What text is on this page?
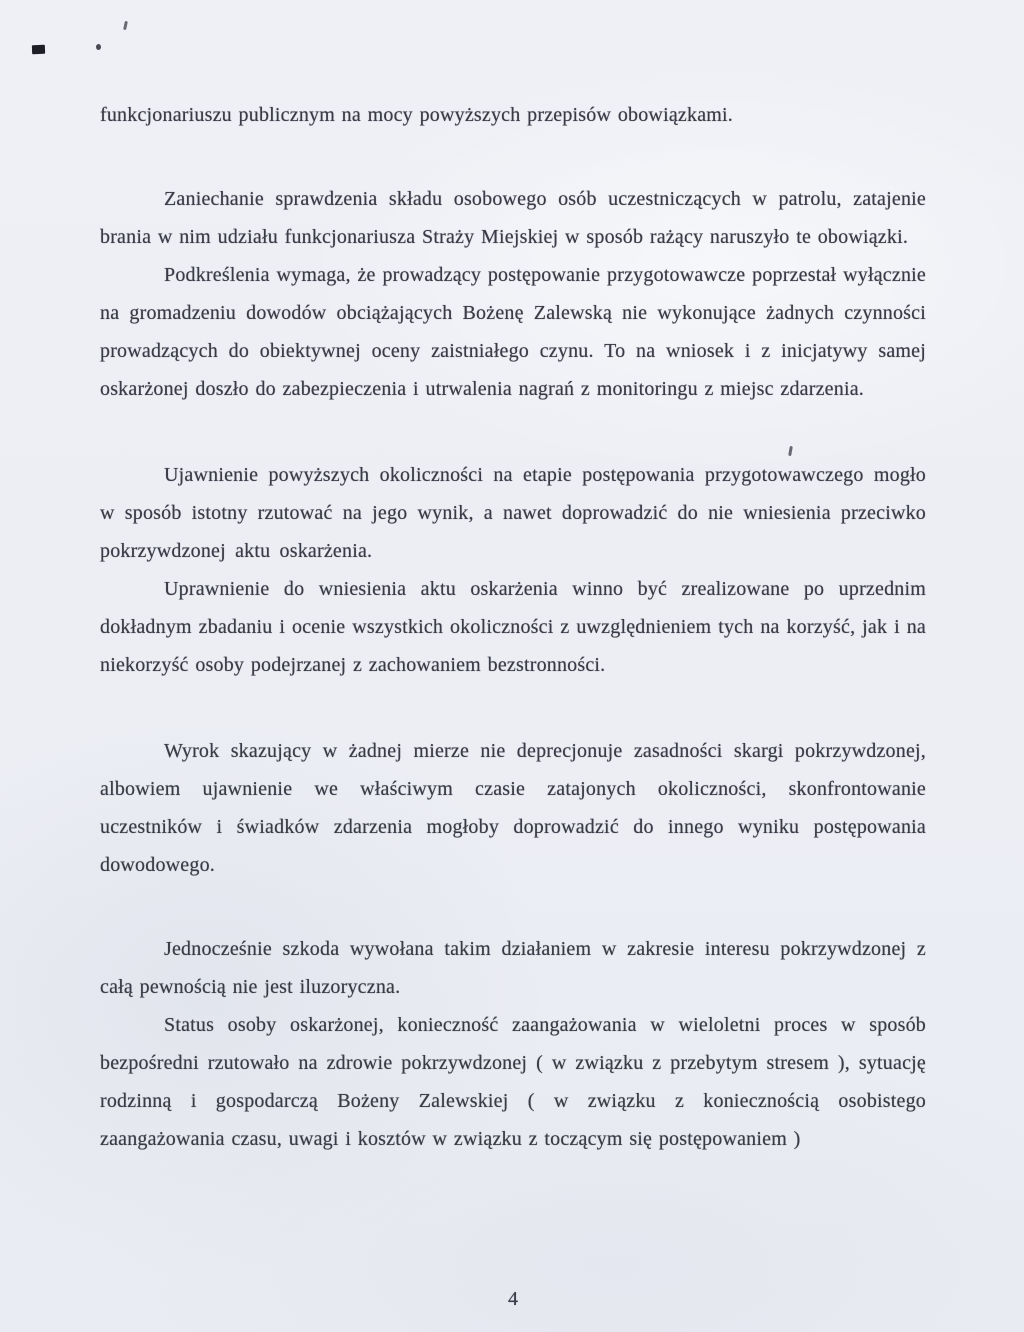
funkcjonariuszu publicznym na mocy powyższych przepisów obowiązkami.

Zaniechanie sprawdzenia składu osobowego osób uczestniczących w patrolu, zatajenie brania w nim udziału funkcjonariusza Straży Miejskiej w sposób rażący naruszyło te obowiązki.

Podkreślenia wymaga, że prowadzący postępowanie przygotowawcze poprzestał wyłącznie na gromadzeniu dowodów obciążających Bożenę Zalewską nie wykonujące żadnych czynności prowadzących do obiektywnej oceny zaistniałego czynu. To na wniosek i z inicjatywy samej oskarżonej doszło do zabezpieczenia i utrwalenia nagrań z monitoringu z miejsc zdarzenia.

Ujawnienie powyższych okoliczności na etapie postępowania przygotowawczego mogło w sposób istotny rzutować na jego wynik, a nawet doprowadzić do nie wniesienia przeciwko pokrzywdzonej aktu oskarżenia.

Uprawnienie do wniesienia aktu oskarżenia winno być zrealizowane po uprzednim dokładnym zbadaniu i ocenie wszystkich okoliczności z uwzględnieniem tych na korzyść, jak i na niekorzyść osoby podejrzanej z zachowaniem bezstronności.

Wyrok skazujący w żadnej mierze nie deprecjonuje zasadności skargi pokrzywdzonej, albowiem ujawnienie we właściwym czasie zatajonych okoliczności, skonfrontowanie uczestników i świadków zdarzenia mogłoby doprowadzić do innego wyniku postępowania dowodowego.

Jednocześnie szkoda wywołana takim działaniem w zakresie interesu pokrzywdzonej z całą pewnością nie jest iluzoryczna.

Status osoby oskarżonej, konieczność zaangażowania w wieloletni proces w sposób bezpośredni rzutowało na zdrowie pokrzywdzonej ( w związku z przebytym stresem ), sytuację rodzinną i gospodarczą Bożeny Zalewskiej ( w związku z koniecznością osobistego zaangażowania czasu, uwagi i kosztów w związku z toczącym się postępowaniem )

4
